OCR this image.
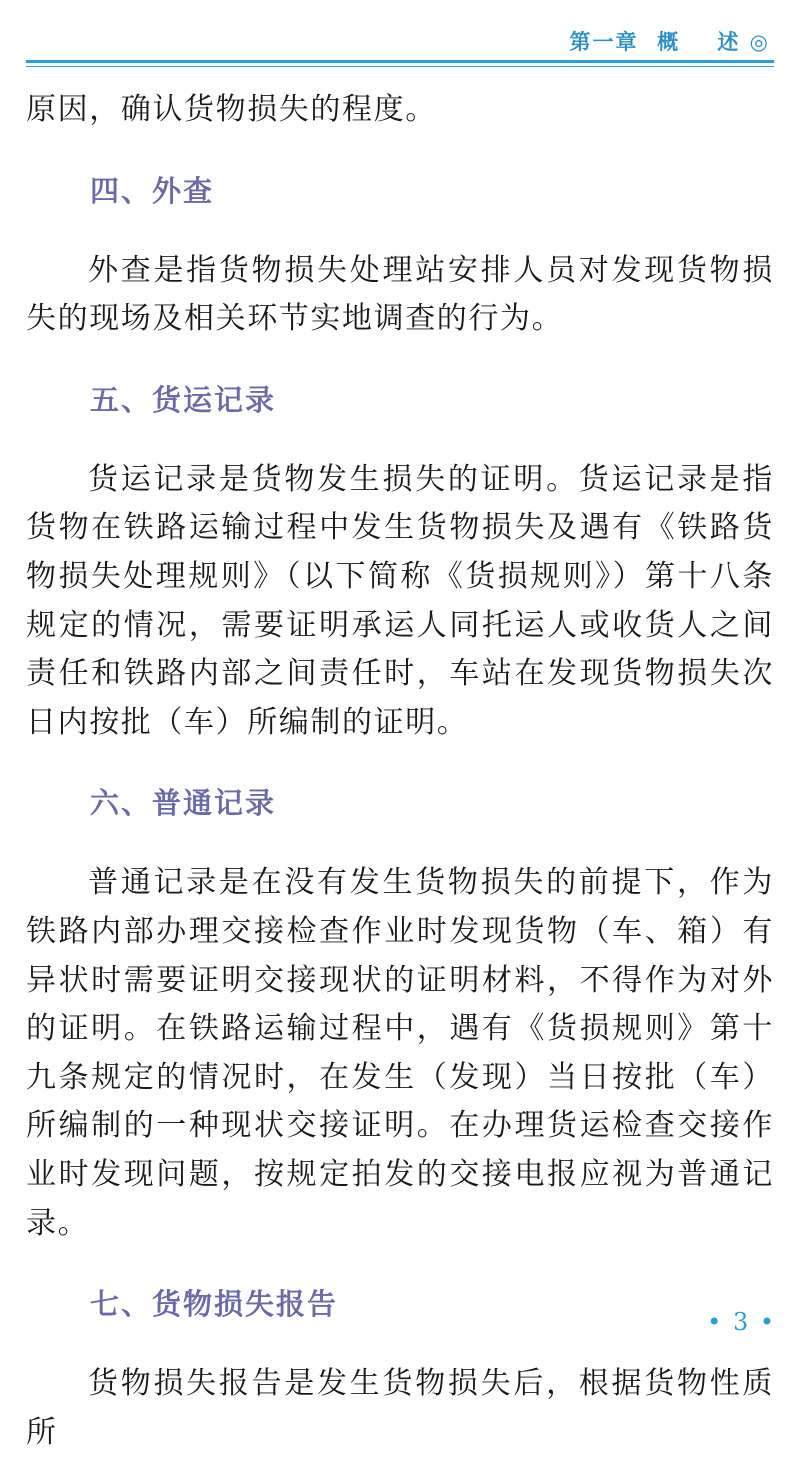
第一章  概    述 ◎

原因，确认货物损失的程度。

四、外查

外查是指货物损失处理站安排人员对发现货物损失的现场及相关环节实地调查的行为。

五、货运记录

货运记录是货物发生损失的证明。货运记录是指货物在铁路运输过程中发生货物损失及遇有《铁路货物损失处理规则》（以下简称《货损规则》）第十八条规定的情况，需要证明承运人同托运人或收货人之间责任和铁路内部之间责任时，车站在发现货物损失次日内按批（车）所编制的证明。

六、普通记录

普通记录是在没有发生货物损失的前提下，作为铁路内部办理交接检查作业时发现货物（车、箱）有异状时需要证明交接现状的证明材料，不得作为对外的证明。在铁路运输过程中，遇有《货损规则》第十九条规定的情况时，在发生（发现）当日按批（车）所编制的一种现状交接证明。在办理货运检查交接作业时发现问题，按规定拍发的交接电报应视为普通记录。

七、货物损失报告

货物损失报告是发生货物损失后，根据货物性质所

• 3 •
